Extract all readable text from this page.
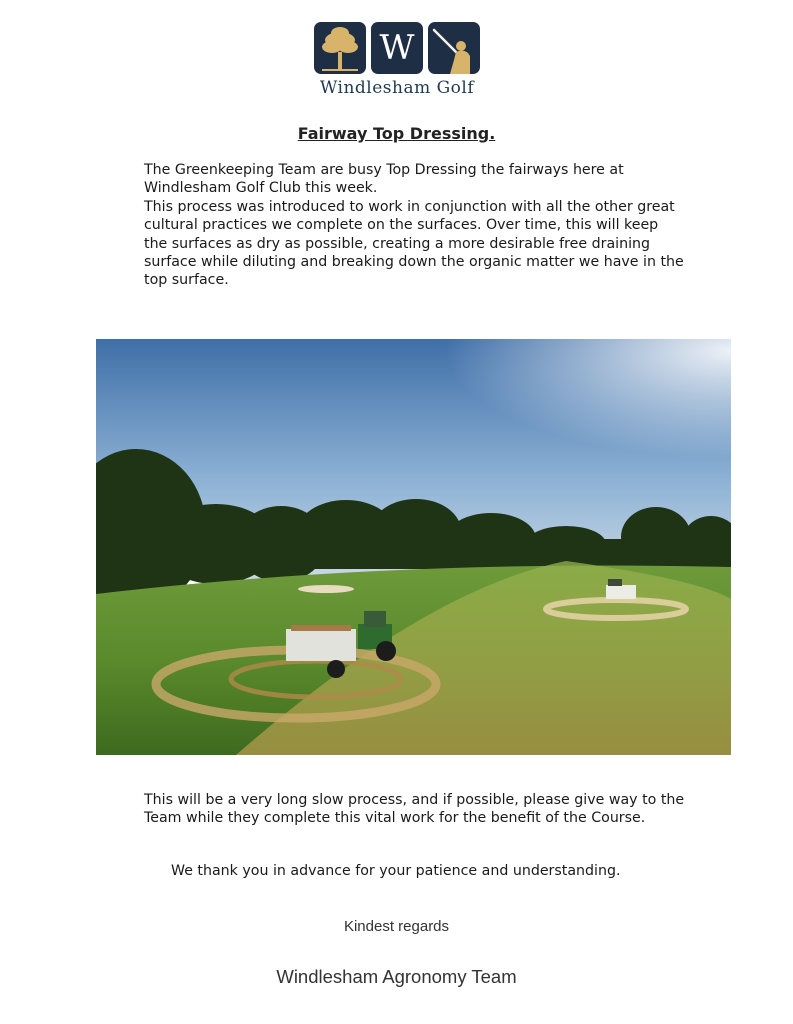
W
Windlesham Golf
Fairway Top Dressing.
The Greenkeeping Team are busy Top Dressing the fairways here at
Windlesham Golf Club this week.
This process was introduced to work in conjunction with all the other great
cultural practices we complete on the surfaces. Over time, this will keep
the surfaces as dry as possible, creating a more desirable free draining
surface while diluting and breaking down the organic matter we have in the
top surface.
This will be a very long slow process, and if possible, please give way to the
Team while they complete this vital work for the benefit of the Course.
We thank you in advance for your patience and understanding.
Kindest regards
Windlesham Agronomy Team
